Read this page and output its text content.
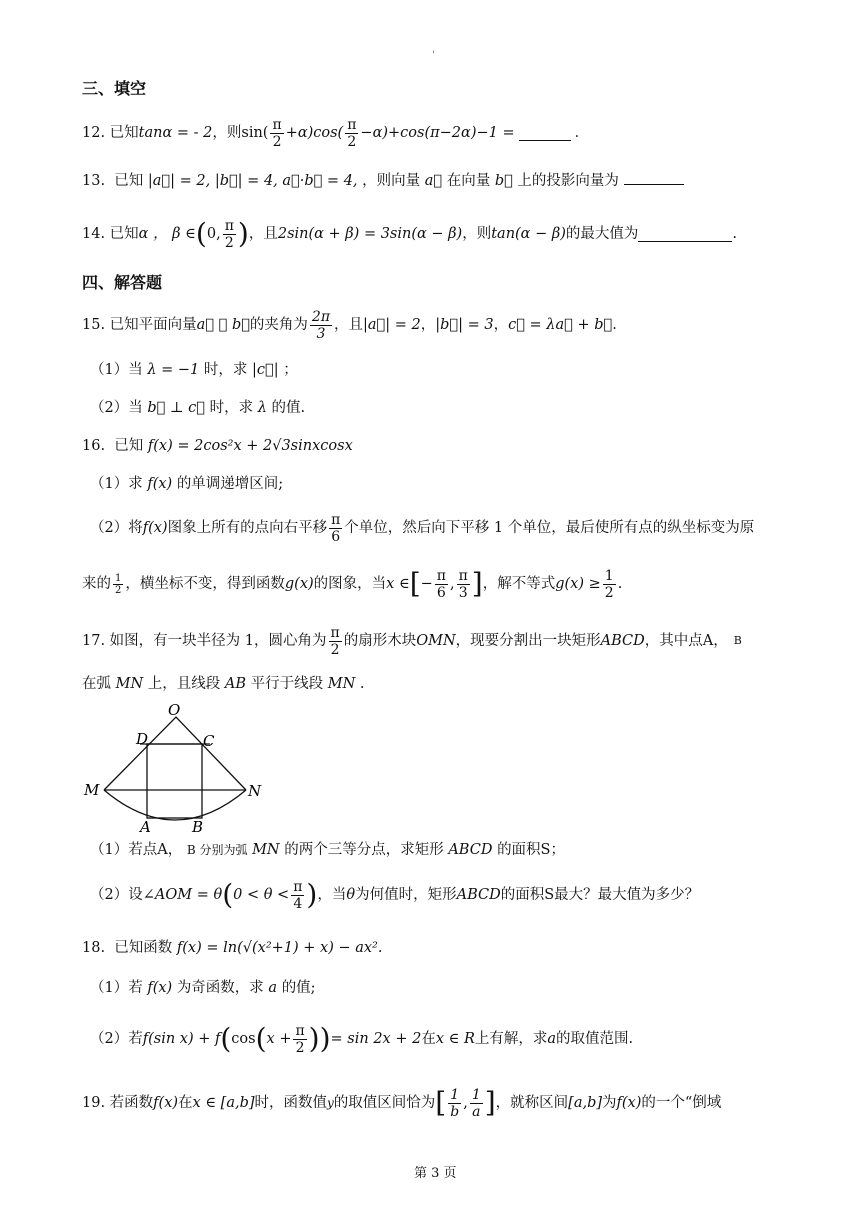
'
三、填空
12.
已知 tanα = - 2 ，则 $\sin( \frac{\pi}{2} +\alpha)\cos( \frac{\pi}{2} -\alpha)+\cos(\pi-2\alpha)-1$ =	．
13. 已知 |a⃗| = 2, |b⃗| = 4, a⃗·b⃗ = 4, ，则向量 a⃗ 在向量 b⃗ 上的投影向量为
14.
已知 α ， β ∈ ( 0, $\frac{\pi}{2}$ ) ，且 2sin(α + β) = 3sin(α − β) ，则 tan(α − β) 的最大值为	.
四、解答题
15.
已知平面向量 a⃗ ， b⃗ 的夹角为 $\frac{2\pi}{3}$ ，且 |a⃗| = 2 ， |b⃗| = 3 ， c⃗ = λa⃗ + b⃗ .
（1）当 λ = −1 时，求 |c⃗| ；
（2）当 b⃗ ⊥ c⃗ 时，求 λ 的值.
16. 已知 f(x) = 2cos²x + 2√3sinxcosx
（1）求 f(x) 的单调递增区间;
（2）将 f(x) 图象上所有的点向右平移 $\frac{\pi}{6}$ 个单位，然后向下平移 1 个单位，最后使所有点的纵坐标变为原
来的 $\frac{1}{2}$ ，横坐标不变，得到函数 g(x) 的图象，当 x ∈ [ − $\frac{\pi}{6}$ , $\frac{\pi}{3}$ ] ，解不等式 $g(x) \ge \frac{1}{2}$ .
17.
如图，有一块半径为 1，圆心角为 $\frac{\pi}{2}$ 的扇形木块 OMN ，现要分割出一块矩形 ABCD ，其中点A， B
在弧 MN 上，且线段 AB 平行于线段 MN .
O
D	C
M	N
A	B
（1）若点A， B 分别为弧 MN 的两个三等分点，求矩形 ABCD 的面积S；
（2）设 ∠AOM = θ ( $0 < \theta < \frac{\pi}{4}$ ) ，当 θ 为何值时，矩形 ABCD 的面积S最大？最大值为多少？
18. 已知函数 f(x) = ln(√(x²+1) + x) − ax².
（1）若 f(x) 为奇函数，求 a 的值;
（2）若 f(sin x) + f ( cos ( $x + \frac{\pi}{2}$ ) ) = sin 2x + 2 在 x ∈ R 上有解，求 a 的取值范围.
19.
若函数 f(x) 在 x ∈ [a,b] 时，函数值 y 的取值区间恰为 [ $\frac{1}{b}$ , $\frac{1}{a}$ ] ，就称区间 [a,b] 为 f(x) 的一个“倒域
第 3 页
